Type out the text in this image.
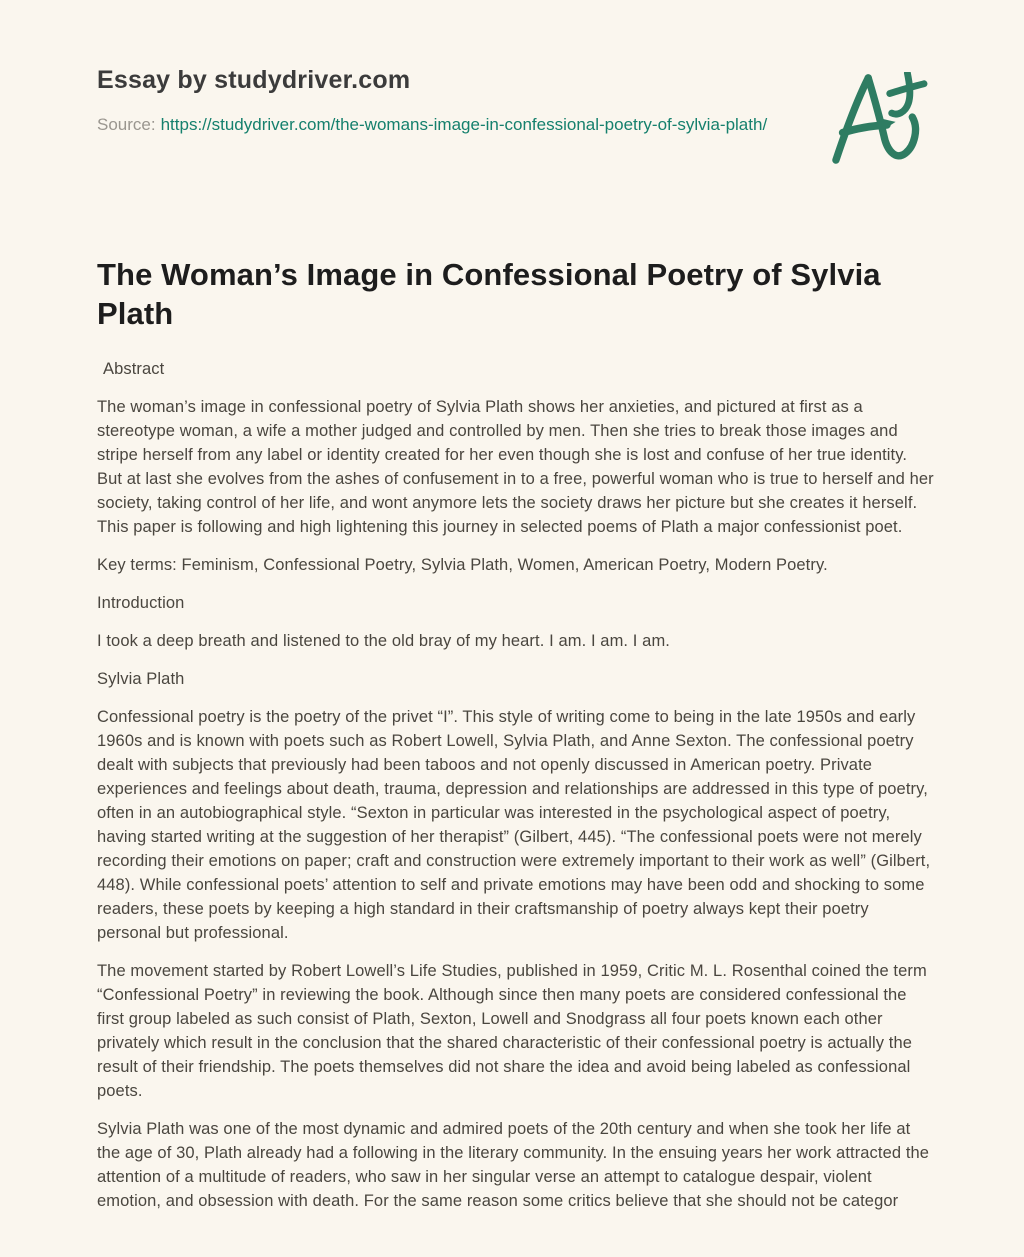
Essay by studydriver.com
Source: https://studydriver.com/the-womans-image-in-confessional-poetry-of-sylvia-plath/
The Woman’s Image in Confessional Poetry of Sylvia Plath

Abstract

The woman’s image in confessional poetry of Sylvia Plath shows her anxieties, and pictured at first as a stereotype woman, a wife a mother judged and controlled by men. Then she tries to break those images and stripe herself from any label or identity created for her even though she is lost and confuse of her true identity. But at last she evolves from the ashes of confusement in to a free, powerful woman who is true to herself and her society, taking control of her life, and wont anymore lets the society draws her picture but she creates it herself. This paper is following and high lightening this journey in selected poems of Plath a major confessionist poet.

Key terms: Feminism, Confessional Poetry, Sylvia Plath, Women, American Poetry, Modern Poetry.

Introduction

I took a deep breath and listened to the old bray of my heart. I am. I am. I am.

Sylvia Plath

Confessional poetry is the poetry of the privet “I”. This style of writing come to being in the late 1950s and early 1960s and is known with poets such as Robert Lowell, Sylvia Plath, and Anne Sexton. The confessional poetry dealt with subjects that previously had been taboos and not openly discussed in American poetry. Private experiences and feelings about death, trauma, depression and relationships are addressed in this type of poetry, often in an autobiographical style. “Sexton in particular was interested in the psychological aspect of poetry, having started writing at the suggestion of her therapist” (Gilbert, 445). “The confessional poets were not merely recording their emotions on paper; craft and construction were extremely important to their work as well” (Gilbert, 448). While confessional poets’ attention to self and private emotions may have been odd and shocking to some readers, these poets by keeping a high standard in their craftsmanship of poetry always kept their poetry personal but professional.

The movement started by Robert Lowell’s Life Studies, published in 1959, Critic M. L. Rosenthal coined the term “Confessional Poetry” in reviewing the book. Although since then many poets are considered confessional the first group labeled as such consist of Plath, Sexton, Lowell and Snodgrass all four poets known each other privately which result in the conclusion that the shared characteristic of their confessional poetry is actually the result of their friendship. The poets themselves did not share the idea and avoid being labeled as confessional poets.

Sylvia Plath was one of the most dynamic and admired poets of the 20th century and when she took her life at the age of 30, Plath already had a following in the literary community. In the ensuing years her work attracted the attention of a multitude of readers, who saw in her singular verse an attempt to catalogue despair, violent emotion, and obsession with death. For the same reason some critics believe that she should not be categor
